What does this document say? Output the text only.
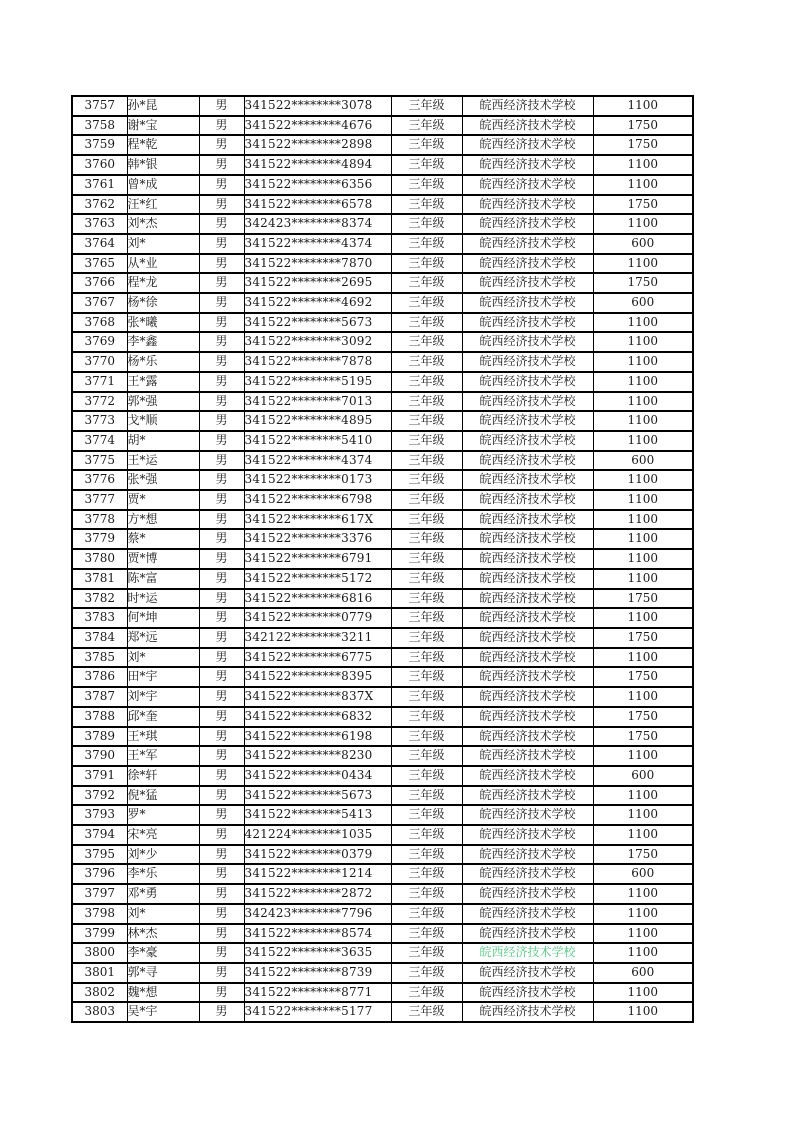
3757	孙*昆	男	341522********3078	三年级	皖西经济技术学校	1100
3758	谢*宝	男	341522********4676	三年级	皖西经济技术学校	1750
3759	程*乾	男	341522********2898	三年级	皖西经济技术学校	1750
3760	韩*银	男	341522********4894	三年级	皖西经济技术学校	1100
3761	曾*成	男	341522********6356	三年级	皖西经济技术学校	1100
3762	汪*红	男	341522********6578	三年级	皖西经济技术学校	1750
3763	刘*杰	男	342423********8374	三年级	皖西经济技术学校	1100
3764	刘*	男	341522********4374	三年级	皖西经济技术学校	600
3765	从*业	男	341522********7870	三年级	皖西经济技术学校	1100
3766	程*龙	男	341522********2695	三年级	皖西经济技术学校	1750
3767	杨*徐	男	341522********4692	三年级	皖西经济技术学校	600
3768	张*曦	男	341522********5673	三年级	皖西经济技术学校	1100
3769	李*鑫	男	341522********3092	三年级	皖西经济技术学校	1100
3770	杨*乐	男	341522********7878	三年级	皖西经济技术学校	1100
3771	王*露	男	341522********5195	三年级	皖西经济技术学校	1100
3772	郭*强	男	341522********7013	三年级	皖西经济技术学校	1100
3773	戈*顺	男	341522********4895	三年级	皖西经济技术学校	1100
3774	胡*	男	341522********5410	三年级	皖西经济技术学校	1100
3775	王*运	男	341522********4374	三年级	皖西经济技术学校	600
3776	张*强	男	341522********0173	三年级	皖西经济技术学校	1100
3777	贾*	男	341522********6798	三年级	皖西经济技术学校	1100
3778	方*想	男	341522********617X	三年级	皖西经济技术学校	1100
3779	蔡*	男	341522********3376	三年级	皖西经济技术学校	1100
3780	贾*博	男	341522********6791	三年级	皖西经济技术学校	1100
3781	陈*富	男	341522********5172	三年级	皖西经济技术学校	1100
3782	时*运	男	341522********6816	三年级	皖西经济技术学校	1750
3783	何*坤	男	341522********0779	三年级	皖西经济技术学校	1100
3784	郑*远	男	342122********3211	三年级	皖西经济技术学校	1750
3785	刘*	男	341522********6775	三年级	皖西经济技术学校	1100
3786	田*宇	男	341522********8395	三年级	皖西经济技术学校	1750
3787	刘*宇	男	341522********837X	三年级	皖西经济技术学校	1100
3788	邱*奎	男	341522********6832	三年级	皖西经济技术学校	1750
3789	王*琪	男	341522********6198	三年级	皖西经济技术学校	1750
3790	王*军	男	341522********8230	三年级	皖西经济技术学校	1100
3791	徐*轩	男	341522********0434	三年级	皖西经济技术学校	600
3792	倪*猛	男	341522********5673	三年级	皖西经济技术学校	1100
3793	罗*	男	341522********5413	三年级	皖西经济技术学校	1100
3794	宋*亮	男	421224********1035	三年级	皖西经济技术学校	1100
3795	刘*少	男	341522********0379	三年级	皖西经济技术学校	1750
3796	李*乐	男	341522********1214	三年级	皖西经济技术学校	600
3797	邓*勇	男	341522********2872	三年级	皖西经济技术学校	1100
3798	刘*	男	342423********7796	三年级	皖西经济技术学校	1100
3799	林*杰	男	341522********8574	三年级	皖西经济技术学校	1100
3800	李*豪	男	341522********3635	三年级	皖西经济技术学校	1100
3801	郭*寻	男	341522********8739	三年级	皖西经济技术学校	600
3802	魏*想	男	341522********8771	三年级	皖西经济技术学校	1100
3803	吴*宇	男	341522********5177	三年级	皖西经济技术学校	1100
